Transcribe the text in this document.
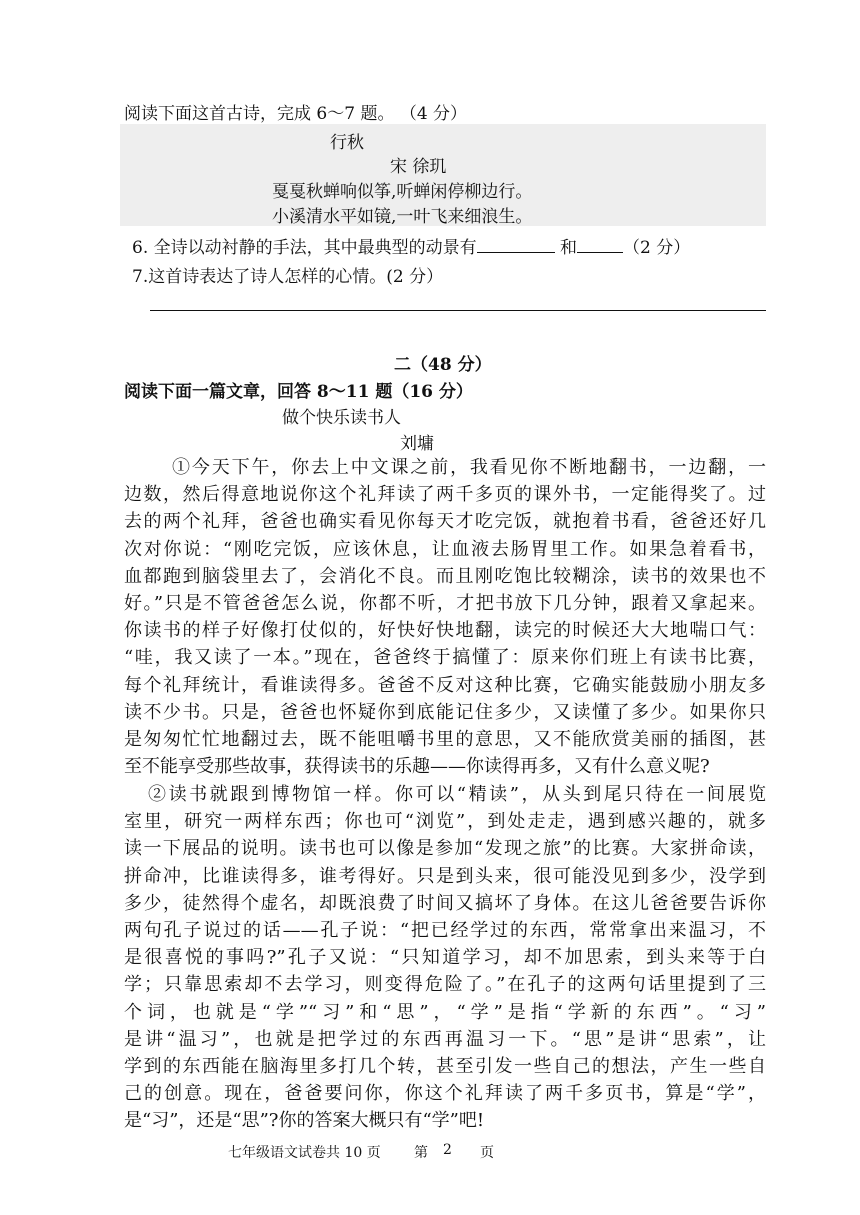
阅读下面这首古诗，完成 6～7 题。 （4 分）
行秋
宋 徐玑
戛戛秋蝉响似筝,听蝉闲停柳边行。
小溪清水平如镜,一叶飞来细浪生。
6. 全诗以动衬静的手法，其中最典型的动景有	和	（2 分）
7.这首诗表达了诗人怎样的心情。(2 分）
二（48 分）
阅读下面一篇文章，回答 8～11 题（16 分）
做个快乐读书人
刘墉
①今天下午，你去上中文课之前，我看见你不断地翻书，一边翻，一
边数，然后得意地说你这个礼拜读了两千多页的课外书，一定能得奖了。过
去的两个礼拜，爸爸也确实看见你每天才吃完饭，就抱着书看，爸爸还好几
次对你说：“刚吃完饭，应该休息，让血液去肠胃里工作。如果急着看书，
血都跑到脑袋里去了，会消化不良。而且刚吃饱比较糊涂，读书的效果也不
好。”只是不管爸爸怎么说，你都不听，才把书放下几分钟，跟着又拿起来。
你读书的样子好像打仗似的，好快好快地翻，读完的时候还大大地喘口气：
“哇，我又读了一本。”现在，爸爸终于搞懂了：原来你们班上有读书比赛，
每个礼拜统计，看谁读得多。爸爸不反对这种比赛，它确实能鼓励小朋友多
读不少书。只是，爸爸也怀疑你到底能记住多少，又读懂了多少。如果你只
是匆匆忙忙地翻过去，既不能咀嚼书里的意思，又不能欣赏美丽的插图，甚
至不能享受那些故事，获得读书的乐趣——你读得再多，又有什么意义呢?
②读书就跟到博物馆一样。你可以“精读”，从头到尾只待在一间展览
室里，研究一两样东西；你也可“浏览”，到处走走，遇到感兴趣的，就多
读一下展品的说明。读书也可以像是参加“发现之旅”的比赛。大家拼命读，
拼命冲，比谁读得多，谁考得好。只是到头来，很可能没见到多少，没学到
多少，徒然得个虚名，却既浪费了时间又搞坏了身体。在这儿爸爸要告诉你
两句孔子说过的话——孔子说：“把已经学过的东西，常常拿出来温习，不
是很喜悦的事吗?”孔子又说：“只知道学习，却不加思索，到头来等于白
学；只靠思索却不去学习，则变得危险了。”在孔子的这两句话里提到了三
个词，也就是“学”“习”和“思”，“学”是指“学新的东西”。“习”
是讲“温习”，也就是把学过的东西再温习一下。“思”是讲“思索”，让
学到的东西能在脑海里多打几个转，甚至引发一些自己的想法，产生一些自
己的创意。现在，爸爸要问你，你这个礼拜读了两千多页书，算是“学”，
是“习”，还是“思”?你的答案大概只有“学”吧!
七年级语文试卷共 10 页 第 2 页
